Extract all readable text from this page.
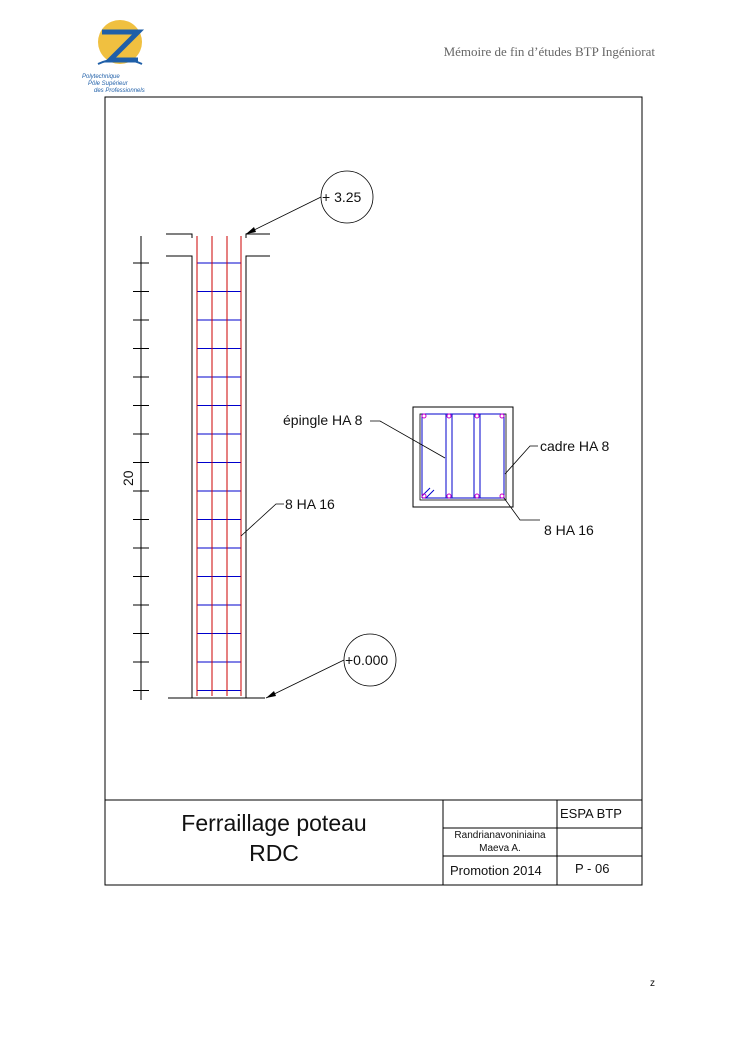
Polytechnique
Pôle Supérieur
des Professionnels
Mémoire de fin d’études BTP Ingéniorat
20
+ 3.25
+0.000
8 HA 16
épingle HA 8
cadre HA 8
8 HA 16
Ferraillage poteau
RDC
ESPA BTP
Randrianavoniniaina
Maeva A.
Promotion 2014	P - 06
z
